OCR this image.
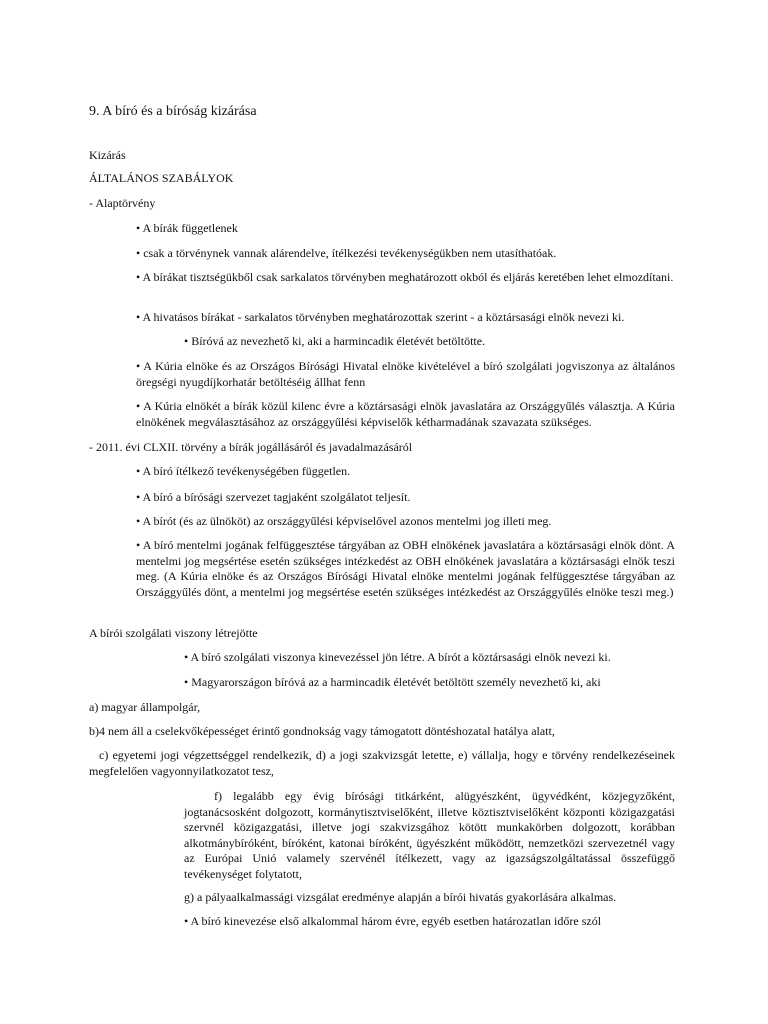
9. A bíró és a bíróság kizárása

Kizárás

ÁLTALÁNOS SZABÁLYOK

- Alaptörvény

• A bírák függetlenek

• csak a törvénynek vannak alárendelve, ítélkezési tevékenységükben nem utasíthatóak.

• A bírákat tisztségükből csak sarkalatos törvényben meghatározott okból és eljárás keretében lehet elmozdítani.

• A hivatásos bírákat - sarkalatos törvényben meghatározottak szerint - a köztársasági elnök nevezi ki.

• Bíróvá az nevezhető ki, aki a harmincadik életévét betöltötte.

• A Kúria elnöke és az Országos Bírósági Hivatal elnöke kivételével a bíró szolgálati jogviszonya az általános öregségi nyugdíjkorhatár betöltéséig állhat fenn

• A Kúria elnökét a bírák közül kilenc évre a köztársasági elnök javaslatára az Országgyűlés választja. A Kúria elnökének megválasztásához az országgyűlési képviselők kétharmadának szavazata szükséges.

- 2011. évi CLXII. törvény a bírák jogállásáról és javadalmazásáról

• A bíró ítélkező tevékenységében független.

• A bíró a bírósági szervezet tagjaként szolgálatot teljesít.

• A bírót (és az ülnököt) az országgyűlési képviselővel azonos mentelmi jog illeti meg.

• A bíró mentelmi jogának felfüggesztése tárgyában az OBH elnökének javaslatára a köztársasági elnök dönt. A mentelmi jog megsértése esetén szükséges intézkedést az OBH elnökének javaslatára a köztársasági elnök teszi meg. (A Kúria elnöke és az Országos Bírósági Hivatal elnöke mentelmi jogának felfüggesztése tárgyában az Országgyűlés dönt, a mentelmi jog megsértése esetén szükséges intézkedést az Országgyűlés elnöke teszi meg.)

A bírói szolgálati viszony létrejötte

• A bíró szolgálati viszonya kinevezéssel jön létre. A bírót a köztársasági elnök nevezi ki.

• Magyarországon bíróvá az a harmincadik életévét betöltött személy nevezhető ki, aki

a) magyar állampolgár,

b)4 nem áll a cselekvőképességet érintő gondnokság vagy támogatott döntéshozatal hatálya alatt,

c) egyetemi jogi végzettséggel rendelkezik, d) a jogi szakvizsgát letette, e) vállalja, hogy e törvény rendelkezéseinek megfelelően vagyonnyilatkozatot tesz,

f) legalább egy évig bírósági titkárként, alügyészként, ügyvédként, közjegyzőként, jogtanácsosként dolgozott, kormánytisztviselőként, illetve köztisztviselőként központi közigazgatási szervnél közigazgatási, illetve jogi szakvizsgához kötött munkakörben dolgozott, korábban alkotmánybíróként, bíróként, katonai bíróként, ügyészként működött, nemzetközi szervezetnél vagy az Európai Unió valamely szervénél ítélkezett, vagy az igazságszolgáltatással összefüggő tevékenységet folytatott,

g) a pályaalkalmassági vizsgálat eredménye alapján a bírói hivatás gyakorlására alkalmas.

• A bíró kinevezése első alkalommal három évre, egyéb esetben határozatlan időre szól
